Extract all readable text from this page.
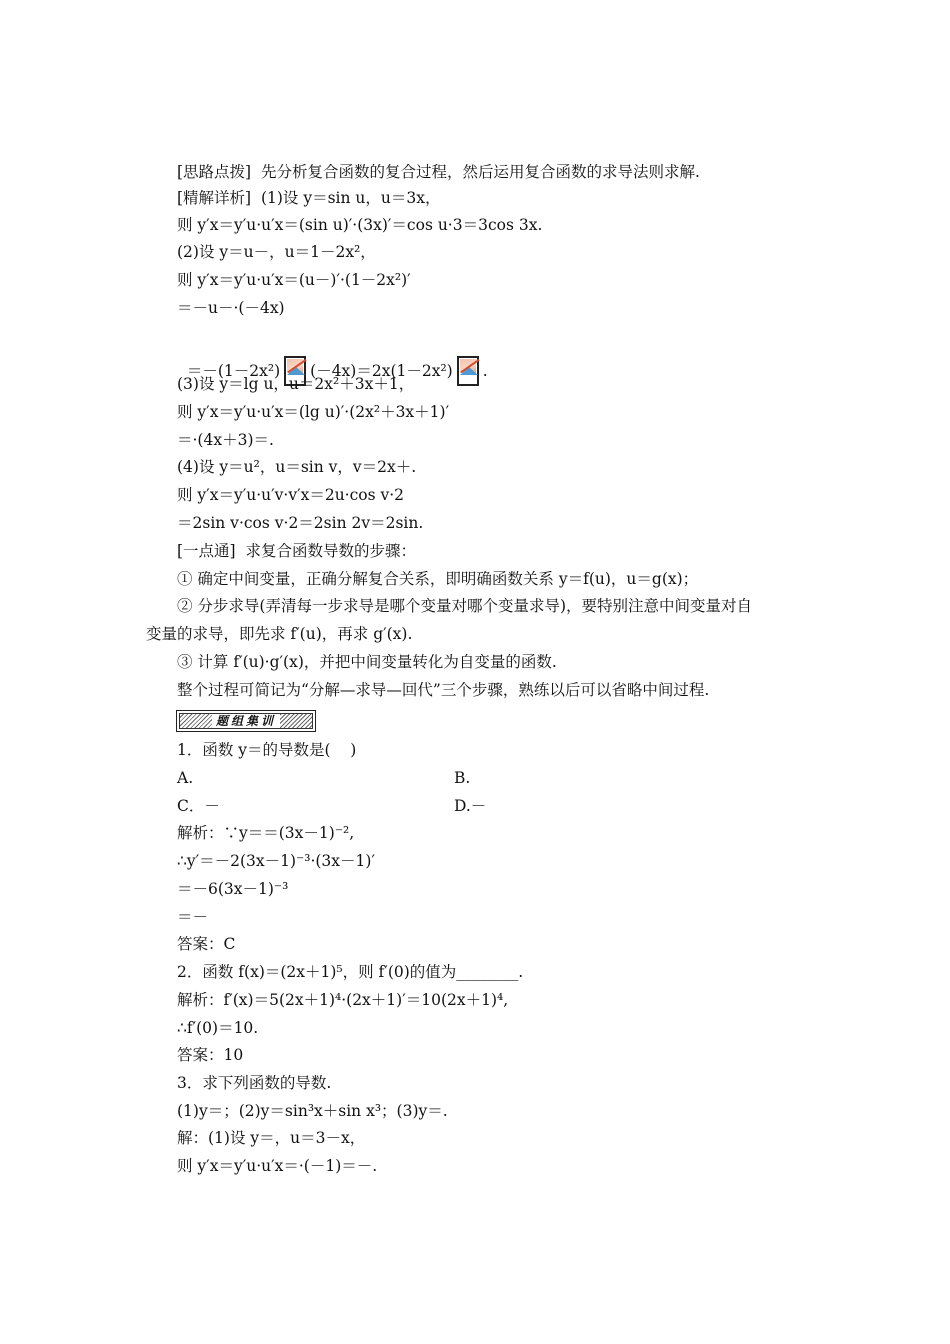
[思路点拨]  先分析复合函数的复合过程，然后运用复合函数的求导法则求解.
[精解详析]  (1)设 y＝sin u，u＝3x，
则 y′x＝y′u·u′x＝(sin u)′·(3x)′＝cos u·3＝3cos 3x.
(2)设 y＝u－，u＝1－2x²，
则 y′x＝y′u·u′x＝(u－)′·(1－2x²)′
＝－u－·(－4x)

＝－(1－2x²) (－4x)＝2x(1－2x²) .

(3)设 y＝lg u，u＝2x²＋3x＋1，
则 y′x＝y′u·u′x＝(lg u)′·(2x²＋3x＋1)′
＝·(4x＋3)＝.
(4)设 y＝u²，u＝sin v，v＝2x＋.
则 y′x＝y′u·u′v·v′x＝2u·cos v·2
＝2sin v·cos v·2＝2sin 2v＝2sin.
[一点通]  求复合函数导数的步骤：
① 确定中间变量，正确分解复合关系，即明确函数关系 y＝f(u)，u＝g(x)；
② 分步求导(弄清每一步求导是哪个变量对哪个变量求导)，要特别注意中间变量对自
变量的求导，即先求 f′(u)，再求 g′(x).
③ 计算 f′(u)·g′(x)，并把中间变量转化为自变量的函数.
整个过程可简记为“分解—求导—回代”三个步骤，熟练以后可以省略中间过程.
题组集训
1．函数 y＝的导数是(    )
A.	B.
C．－	D.－
解析：∵y＝＝(3x－1)⁻²,
∴y′＝－2(3x－1)⁻³·(3x－1)′
＝－6(3x－1)⁻³
＝－
答案：C
2．函数 f(x)＝(2x＋1)⁵，则 f′(0)的值为________.
解析：f′(x)＝5(2x＋1)⁴·(2x＋1)′＝10(2x＋1)⁴,
∴f′(0)＝10.
答案：10
3．求下列函数的导数.
(1)y＝；(2)y＝sin³x＋sin x³；(3)y＝.
解：(1)设 y＝，u＝3－x，
则 y′x＝y′u·u′x＝·(－1)＝－.
